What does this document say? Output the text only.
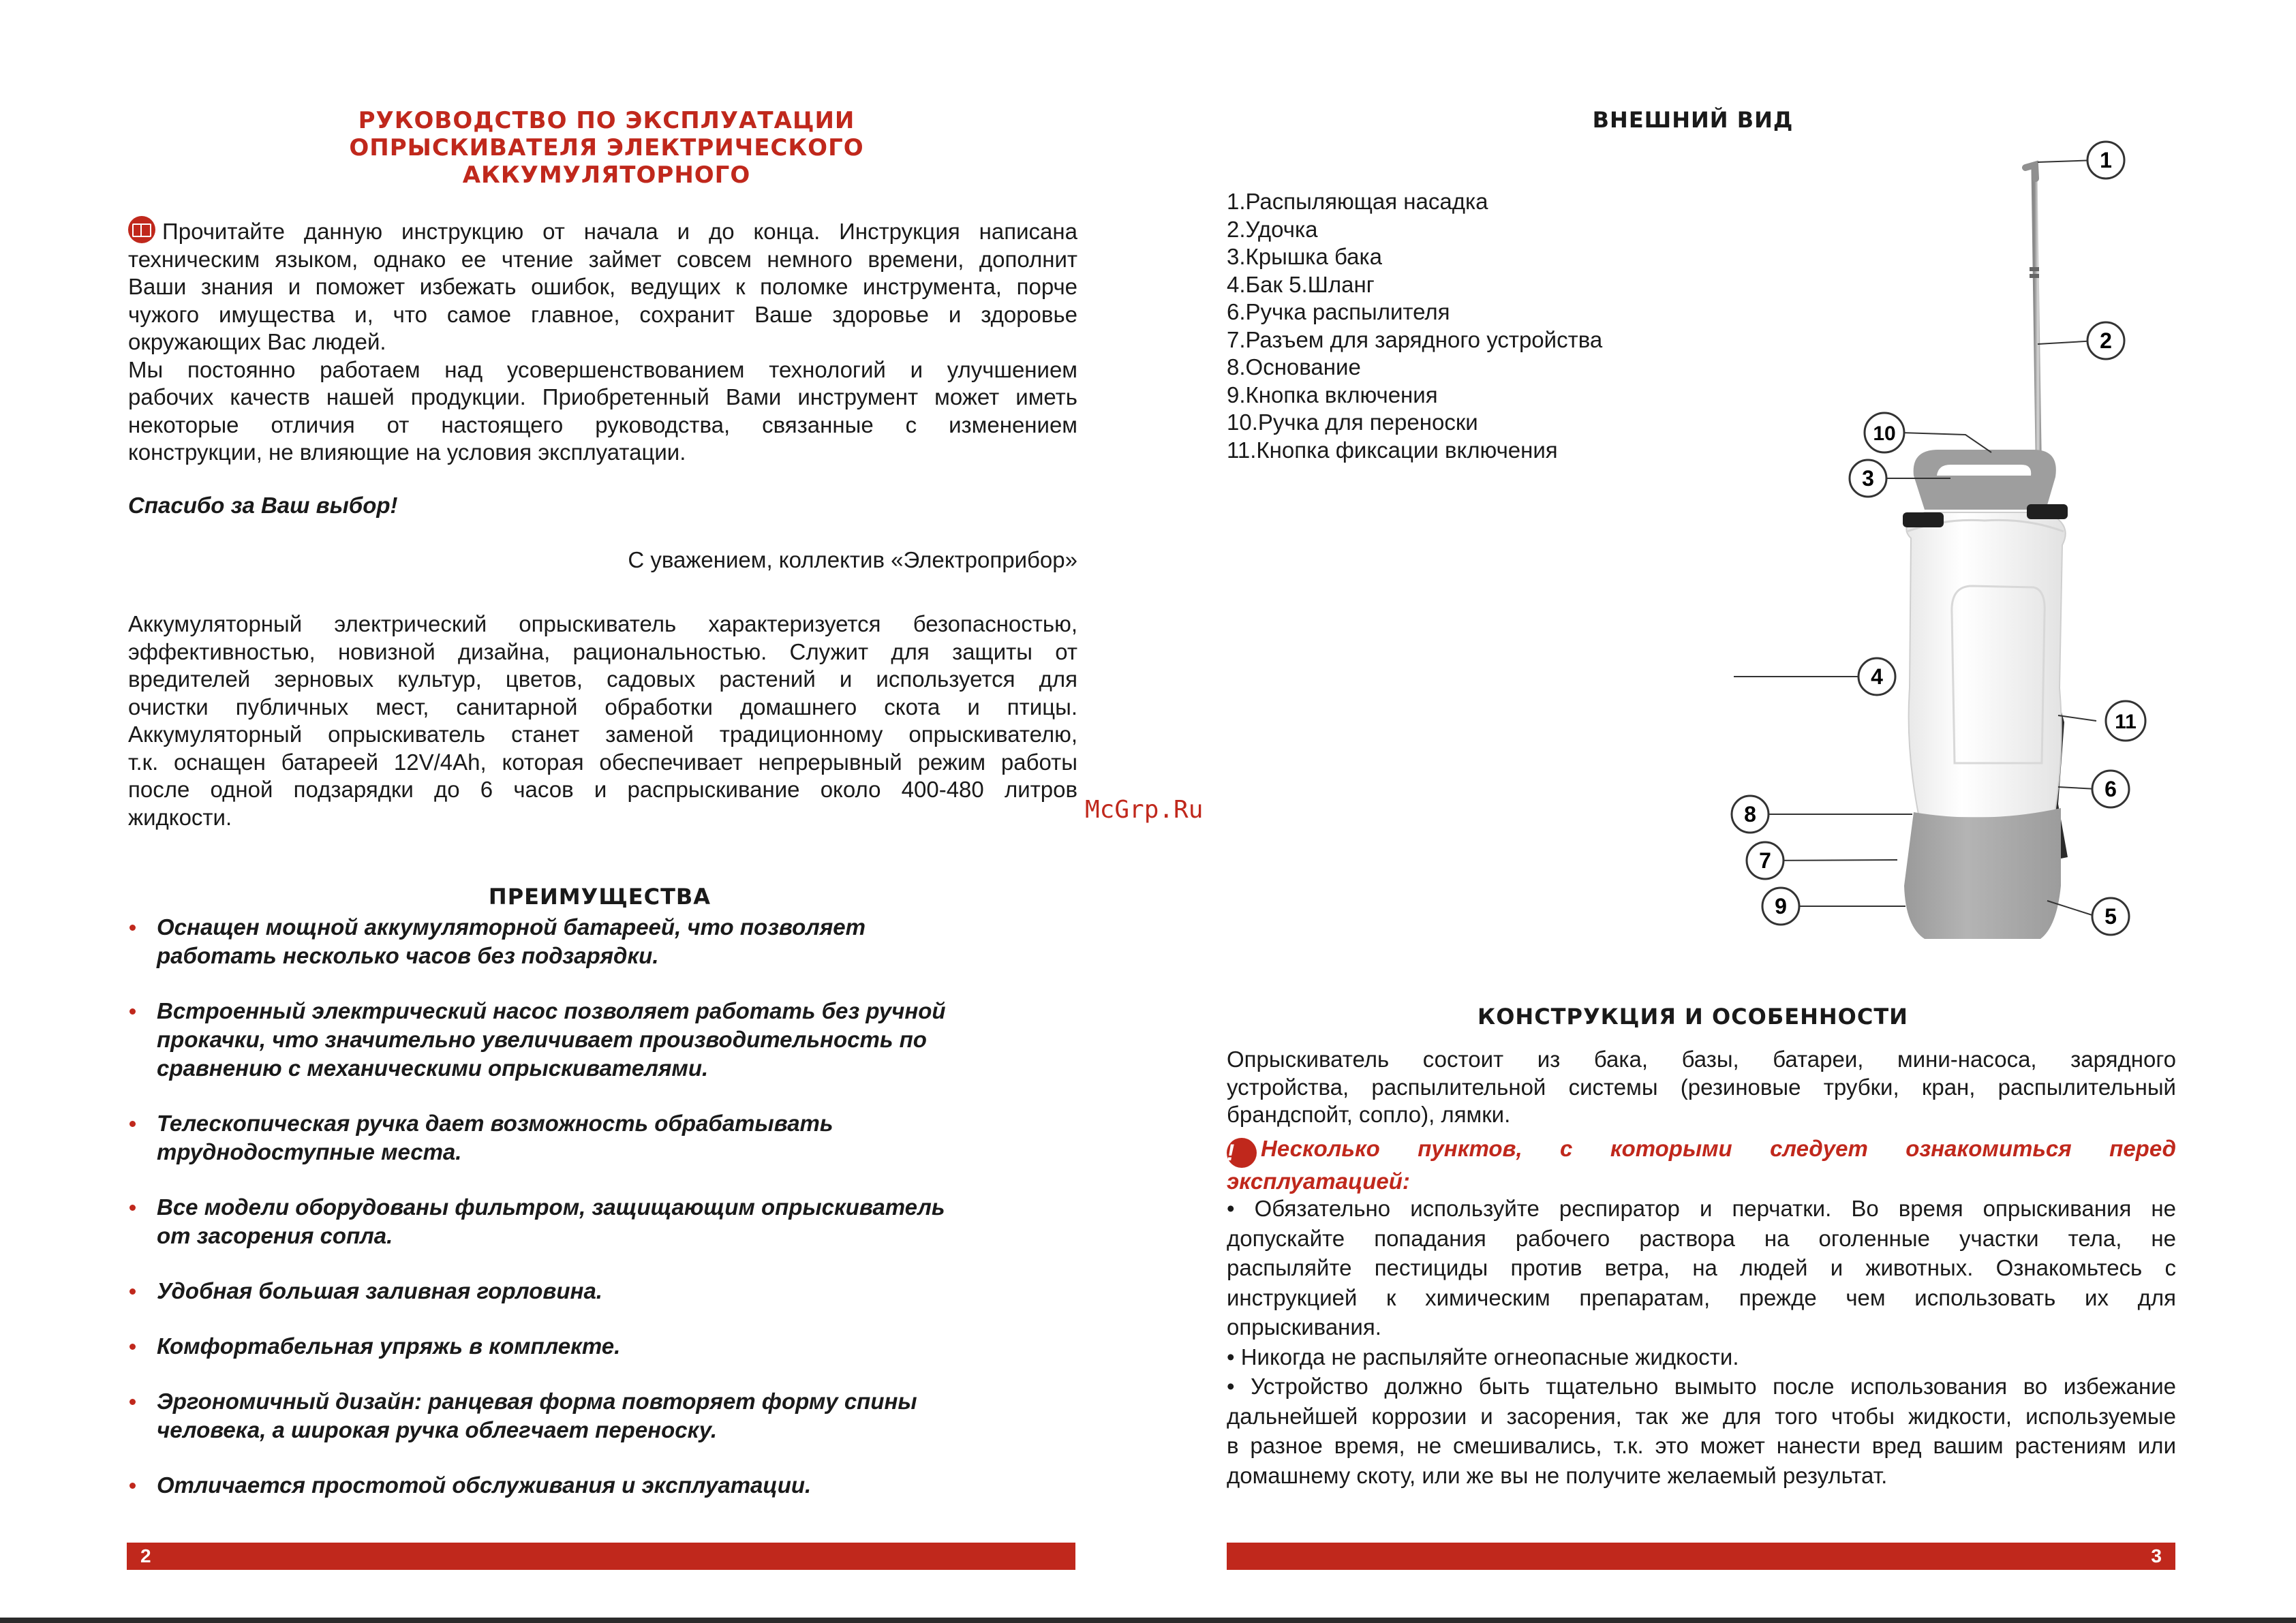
РУКОВОДСТВО ПО ЭКСПЛУАТАЦИИ
ОПРЫСКИВАТЕЛЯ ЭЛЕКТРИЧЕСКОГО
АККУМУЛЯТОРНОГО
Прочитайте данную инструкцию от начала и до конца. Инструкция написана
техническим языком, однако ее чтение займет совсем немного времени, дополнит
Ваши знания и поможет избежать ошибок, ведущих к поломке инструмента, порче
чужого имущества и, что самое главное, сохранит Ваше здоровье и здоровье
окружающих Вас людей.
Мы постоянно работаем над усовершенствованием технологий и улучшением
рабочих качеств нашей продукции. Приобретенный Вами инструмент может иметь
некоторые отличия от настоящего руководства, связанные с изменением
конструкции, не влияющие на условия эксплуатации.
Спасибо за Ваш выбор!
С уважением, коллектив «Электроприбор»
Аккумуляторный электрический опрыскиватель характеризуется безопасностью,
эффективностью, новизной дизайна, рациональностью. Служит для защиты от
вредителей зерновых культур, цветов, садовых растений и используется для
очистки публичных мест, санитарной обработки домашнего скота и птицы.
Аккумуляторный опрыскиватель станет заменой традиционному опрыскивателю,
т.к. оснащен батареей 12V/4Ah, которая обеспечивает непрерывный режим работы
после одной подзарядки до 6 часов и распрыскивание около 400-480 литров
жидкости.
ПРЕИМУЩЕСТВА
Оснащен мощной аккумуляторной батареей, что позволяет
работать несколько часов без подзарядки.
Встроенный электрический насос позволяет работать без ручной
прокачки, что значительно увеличивает производительность по
сравнению с механическими опрыскивателями.
Телескопическая ручка дает возможность обрабатывать
труднодоступные места.
Все модели оборудованы фильтром, защищающим опрыскиватель
от засорения сопла.
Удобная большая заливная горловина.
Комфортабельная упряжь в комплекте.
Эргономичный дизайн: ранцевая форма повторяет форму спины
человека, а широкая ручка облегчает переноску.
Отличается простотой обслуживания и эксплуатации.
2
McGrp.Ru
ВНЕШНИЙ ВИД
1.Распыляющая насадка
2.Удочка
3.Крышка бака
4.Бак 5.Шланг
6.Ручка распылителя
7.Разъем для зарядного устройства
8.Основание
9.Кнопка включения
10.Ручка для переноски
11.Кнопка фиксации включения
1
2
3
4
5
6
7
8
9
10
11
КОНСТРУКЦИЯ И ОСОБЕННОСТИ
Опрыскиватель состоит из бака, базы, батареи, мини-насоса, зарядного
устройства, распылительной системы (резиновые трубки, кран, распылительный
брандспойт, сопло), лямки.
! Несколько пунктов, с которыми следует ознакомиться перед
эксплуатацией:
• Обязательно используйте респиратор и перчатки. Во время опрыскивания не
допускайте попадания рабочего раствора на оголенные участки тела, не
распыляйте пестициды против ветра, на людей и животных. Ознакомьтесь с
инструкцией к химическим препаратам, прежде чем использовать их для
опрыскивания.
• Никогда не распыляйте огнеопасные жидкости.
• Устройство должно быть тщательно вымыто после использования во избежание
дальнейшей коррозии и засорения, так же для того чтобы жидкости, используемые
в разное время, не смешивались, т.к. это может нанести вред вашим растениям или
домашнему скоту, или же вы не получите желаемый результат.
3
